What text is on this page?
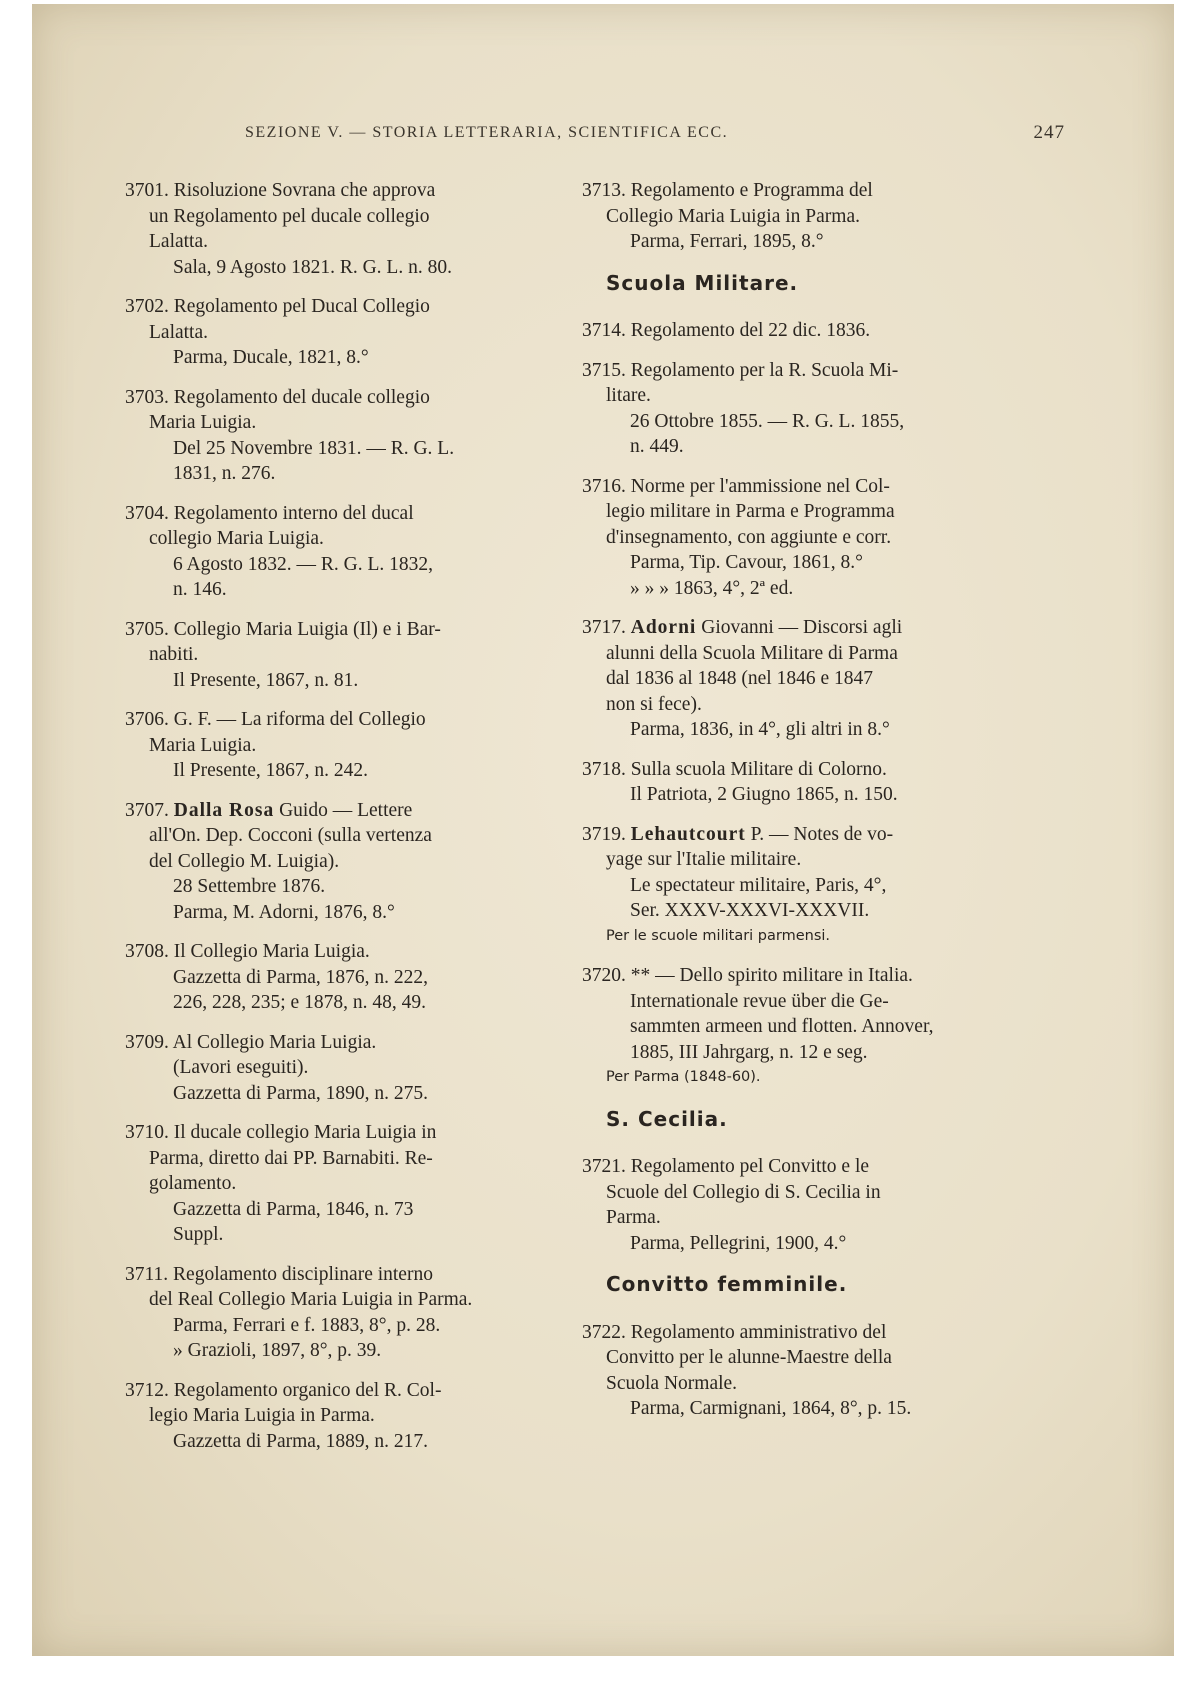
SEZIONE V. — STORIA LETTERARIA, SCIENTIFICA ECC.	247

3701. Risoluzione Sovrana che approva

un Regolamento pel ducale collegio

Lalatta.

Sala, 9 Agosto 1821. R. G. L. n. 80.

3702. Regolamento pel Ducal Collegio

Lalatta.

Parma, Ducale, 1821, 8.°

3703. Regolamento del ducale collegio

Maria Luigia.

Del 25 Novembre 1831. — R. G. L.

1831, n. 276.

3704. Regolamento interno del ducal

collegio Maria Luigia.

6 Agosto 1832. — R. G. L. 1832,

n. 146.

3705. Collegio Maria Luigia (Il) e i Bar-

nabiti.

Il Presente, 1867, n. 81.

3706. G. F. — La riforma del Collegio

Maria Luigia.

Il Presente, 1867, n. 242.

3707. Dalla Rosa Guido — Lettere

all'On. Dep. Cocconi (sulla vertenza

del Collegio M. Luigia).

28 Settembre 1876.

Parma, M. Adorni, 1876, 8.°

3708. Il Collegio Maria Luigia.

Gazzetta di Parma, 1876, n. 222,

226, 228, 235; e 1878, n. 48, 49.

3709. Al Collegio Maria Luigia.

(Lavori eseguiti).

Gazzetta di Parma, 1890, n. 275.

3710. Il ducale collegio Maria Luigia in

Parma, diretto dai PP. Barnabiti. Re-

golamento.

Gazzetta di Parma, 1846, n. 73

Suppl.

3711. Regolamento disciplinare interno

del Real Collegio Maria Luigia in Parma.

Parma, Ferrari e f. 1883, 8°, p. 28.

» Grazioli, 1897, 8°, p. 39.

3712. Regolamento organico del R. Col-

legio Maria Luigia in Parma.

Gazzetta di Parma, 1889, n. 217.

3713. Regolamento e Programma del

Collegio Maria Luigia in Parma.

Parma, Ferrari, 1895, 8.°

Scuola Militare.

3714. Regolamento del 22 dic. 1836.

3715. Regolamento per la R. Scuola Mi-

litare.

26 Ottobre 1855. — R. G. L. 1855,

n. 449.

3716. Norme per l'ammissione nel Col-

legio militare in Parma e Programma

d'insegnamento, con aggiunte e corr.

Parma, Tip. Cavour, 1861, 8.°

» » » 1863, 4°, 2ª ed.

3717. Adorni Giovanni — Discorsi agli

alunni della Scuola Militare di Parma

dal 1836 al 1848 (nel 1846 e 1847

non si fece).

Parma, 1836, in 4°, gli altri in 8.°

3718. Sulla scuola Militare di Colorno.

Il Patriota, 2 Giugno 1865, n. 150.

3719. Lehautcourt P. — Notes de vo-

yage sur l'Italie militaire.

Le spectateur militaire, Paris, 4°,

Ser. XXXV-XXXVI-XXXVII.

Per le scuole militari parmensi.

3720. ** — Dello spirito militare in Italia.

Internationale revue über die Ge-

sammten armeen und flotten. Annover,

1885, III Jahrgarg, n. 12 e seg.

Per Parma (1848-60).

S. Cecilia.

3721. Regolamento pel Convitto e le

Scuole del Collegio di S. Cecilia in

Parma.

Parma, Pellegrini, 1900, 4.°

Convitto femminile.

3722. Regolamento amministrativo del

Convitto per le alunne-Maestre della

Scuola Normale.

Parma, Carmignani, 1864, 8°, p. 15.
